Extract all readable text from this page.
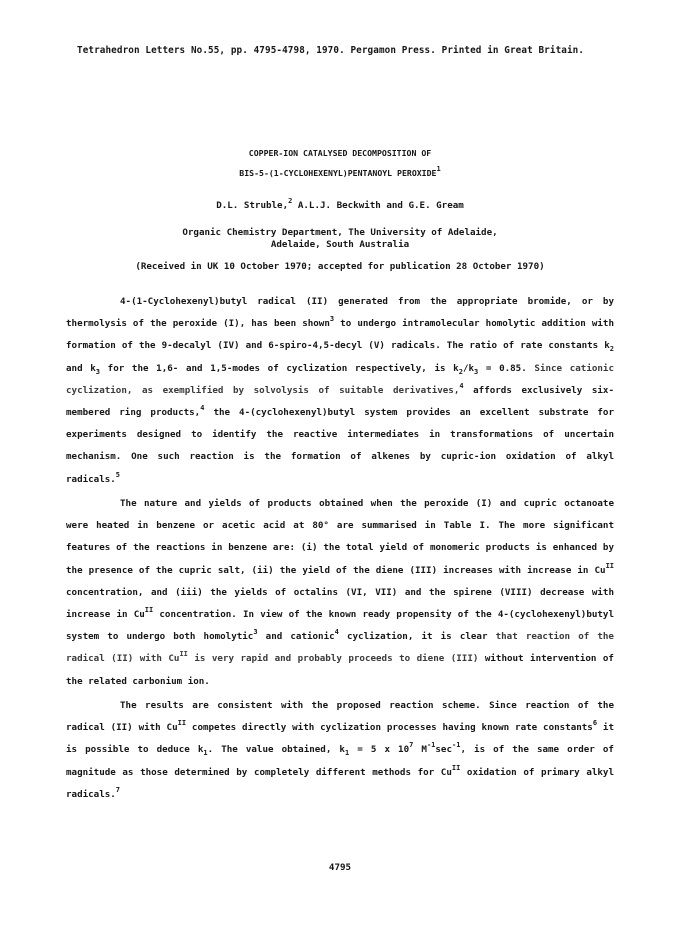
Tetrahedron Letters No.55, pp. 4795-4798, 1970. Pergamon Press. Printed in Great Britain.
COPPER-ION CATALYSED DECOMPOSITION OF
BIS-5-(1-CYCLOHEXENYL)PENTANOYL PEROXIDE$^1$
D.L. Struble,$^2$ A.L.J. Beckwith and G.E. Gream
Organic Chemistry Department, The University of Adelaide,
Adelaide, South Australia
(Received in UK 10 October 1970; accepted for publication 28 October 1970)

4-(1-Cyclohexenyl)butyl radical (II) generated from the appropriate bromide, or by thermolysis of the peroxide (I), has been shown$^3$ to undergo intramolecular homolytic addition with formation of the 9-decalyl (IV) and 6-spiro-4,5-decyl (V) radicals. The ratio of rate constants $k_2$ and $k_3$ for the 1,6- and 1,5-modes of cyclization respectively, is $k_2/k_3 = 0.85$. Since cationic cyclization, as exemplified by solvolysis of suitable derivatives,$^4$ affords exclusively six-membered ring products,$^4$ the 4-(cyclohexenyl)butyl system provides an excellent substrate for experiments designed to identify the reactive intermediates in transformations of uncertain mechanism. One such reaction is the formation of alkenes by cupric-ion oxidation of alkyl radicals.$^5$

The nature and yields of products obtained when the peroxide (I) and cupric octanoate were heated in benzene or acetic acid at 80° are summarised in Table I. The more significant features of the reactions in benzene are: (i) the total yield of monomeric products is enhanced by the presence of the cupric salt, (ii) the yield of the diene (III) increases with increase in $Cu^{II}$ concentration, and (iii) the yields of octalins (VI, VII) and the spirene (VIII) decrease with increase in $Cu^{II}$ concentration. In view of the known ready propensity of the 4-(cyclohexenyl)butyl system to undergo both homolytic$^3$ and cationic$^4$ cyclization, it is clear that reaction of the radical (II) with $Cu^{II}$ is very rapid and probably proceeds to diene (III) without intervention of the related carbonium ion.

The results are consistent with the proposed reaction scheme. Since reaction of the radical (II) with $Cu^{II}$ competes directly with cyclization processes having known rate constants$^6$ it is possible to deduce $k_1$. The value obtained, $k_1 = 5$ x $10^7$ $M^{-1}\sec^{-1}$, is of the same order of magnitude as those determined by completely different methods for $Cu^{II}$ oxidation of primary alkyl radicals.$^7$

4795
